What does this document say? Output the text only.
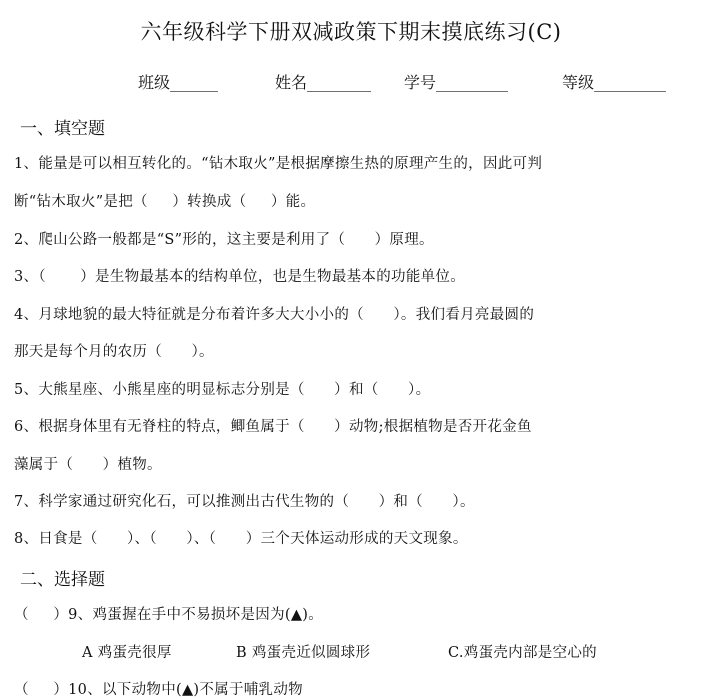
六年级科学下册双减政策下期末摸底练习(C)
班级______	姓名________ 学号_________	等级_________
一、填空题
1、能量是可以相互转化的。“钻木取火”是根据摩擦生热的原理产生的，因此可判
断“钻木取火”是把（     ）转换成（     ）能。
2、爬山公路一般都是“S”形的，这主要是利用了（      ）原理。
3、（       ）是生物最基本的结构单位，也是生物最基本的功能单位。
4、月球地貌的最大特征就是分布着许多大大小小的（      ）。我们看月亮最圆的
那天是每个月的农历（      ）。
5、大熊星座、小熊星座的明显标志分别是（      ）和（      ）。
6、根据身体里有无脊柱的特点，鲫鱼属于（      ）动物;根据植物是否开花金鱼
藻属于（      ）植物。
7、科学家通过研究化石，可以推测出古代生物的（      ）和（      ）。
8、日食是（      ）、（      ）、（      ）三个天体运动形成的天文现象。
二、选择题
（     ）9、鸡蛋握在手中不易损坏是因为(▲)。
A 鸡蛋壳很厚	B 鸡蛋壳近似圆球形	C.鸡蛋壳内部是空心的
（     ）10、以下动物中(▲)不属于哺乳动物
